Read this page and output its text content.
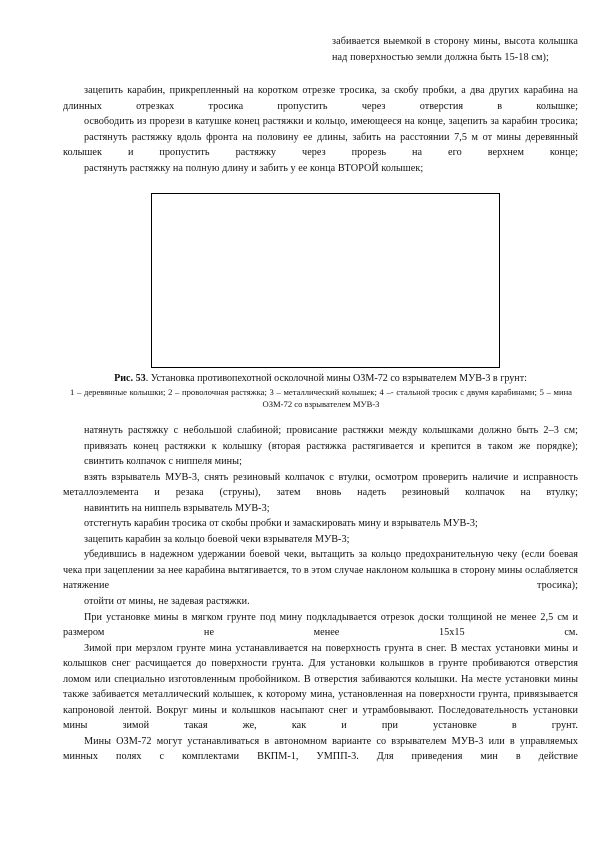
забивается выемкой в сторону мины, высота колышка над поверхностью земли должна быть 15-18 см);

зацепить карабин, прикрепленный на коротком отрезке тросика, за скобу пробки, а два других карабина на длинных отрезках тросика пропустить через отверстия в колышке;

освободить из прорези в катушке конец растяжки и кольцо, имеющееся на конце, зацепить за карабин тросика;

растянуть растяжку вдоль фронта на половину ее длины, забить на расстоянии 7,5 м от мины деревянный колышек и пропустить растяжку через прорезь на его верхнем конце;

растянуть растяжку на полную длину и забить у ее конца ВТОРОЙ колышек;

Рис. 53. Установка противопехотной осколочной мины ОЗМ-72 со взрывателем МУВ-3 в грунт:
1 – деревянные колышки; 2 – проволочная растяжка; 3 – металлический колышек; 4 –- стальной тросик с двумя карабинами; 5 – мина ОЗМ-72 со взрывателем МУВ-3

натянуть растяжку с небольшой слабиной; провисание растяжки между колышками должно быть 2–3 см;

привязать конец растяжки к колышку (вторая растяжка растягивается и крепится в таком же порядке);

свинтить колпачок с ниппеля мины;

взять взрыватель МУВ-3, снять резиновый колпачок с втулки, осмотром проверить наличие и исправность металлоэлемента и резака (струны), затем вновь надеть резиновый колпачок на втулку;

навинтить на ниппель взрыватель МУВ-3;

отстегнуть карабин тросика от скобы пробки и замаскировать мину и взрыватель МУВ-3;

зацепить карабин за кольцо боевой чеки взрывателя МУВ-3;

убедившись в надежном удержании боевой чеки, вытащить за кольцо предохранительную чеку (если боевая чека при зацеплении за нее карабина вытягивается, то в этом случае наклоном колышка в сторону мины ослабляется натяжение тросика);

отойти от мины, не задевая растяжки.

При установке мины в мягком грунте под мину подкладывается отрезок доски толщиной не менее 2,5 см и размером не менее 15х15 см.

Зимой при мерзлом грунте мина устанавливается на поверхность грунта в снег. В местах установки мины и колышков снег расчищается до поверхности грунта. Для установки колышков в грунте пробиваются отверстия ломом или специально изготовленным пробойником. В отверстия забиваются колышки. На месте установки мины также забивается металлический колышек, к которому мина, установленная на поверхности грунта, привязывается капроновой лентой. Вокруг мины и колышков насыпают снег и утрамбовывают. Последовательность установки мины зимой такая же, как и при установке в грунт.

Мины ОЗМ-72 могут устанавливаться в автономном варианте со взрывателем МУВ-3 или в управляемых минных полях с комплектами ВКПМ-1, УМПП-3. Для приведения мин в действие
